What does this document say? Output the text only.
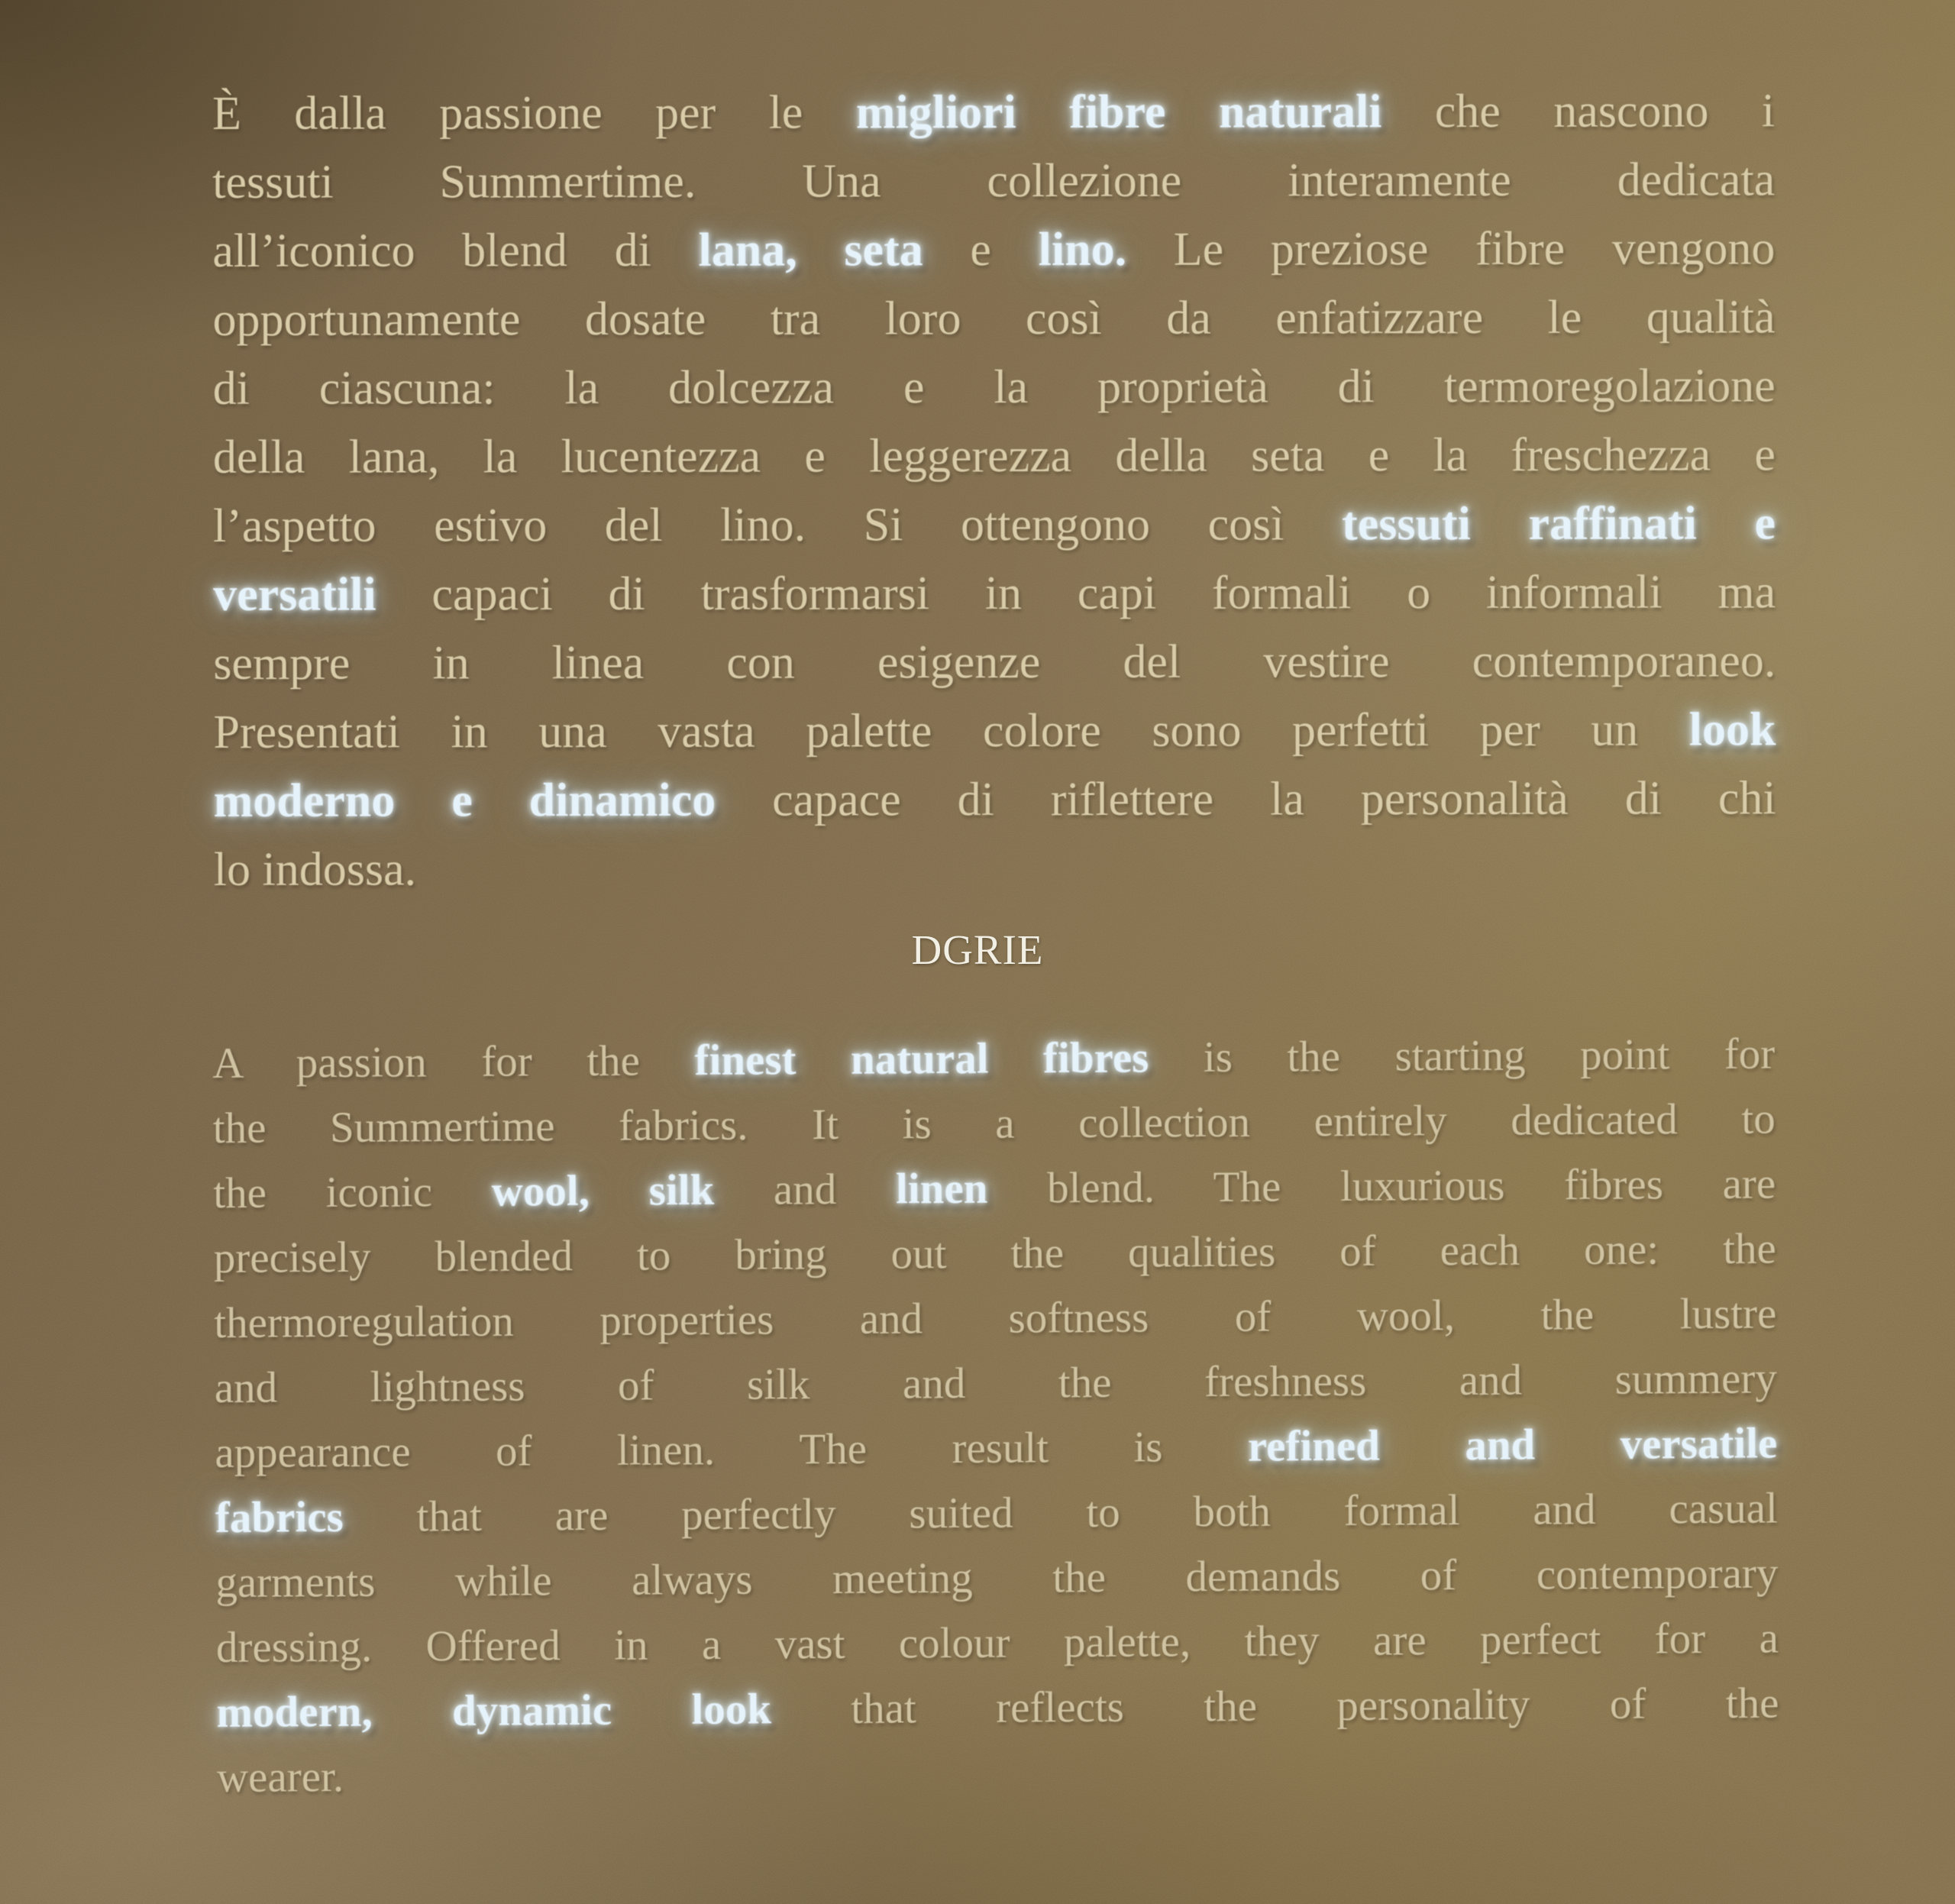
È dalla passione per le migliori fibre naturali che nascono i
tessuti Summertime. Una collezione interamente dedicata
all’iconico blend di lana, seta e lino. Le preziose fibre vengono
opportunamente dosate tra loro così da enfatizzare le qualità
di ciascuna: la dolcezza e la proprietà di termoregolazione
della lana, la lucentezza e leggerezza della seta e la freschezza e
l’aspetto estivo del lino. Si ottengono così tessuti raffinati e
versatili capaci di trasformarsi in capi formali o informali ma
sempre in linea con esigenze del vestire contemporaneo.
Presentati in una vasta palette colore sono perfetti per un look
moderno e dinamico capace di riflettere la personalità di chi
lo indossa.
DGRIE
A passion for the finest natural fibres is the starting point for
the Summertime fabrics. It is a collection entirely dedicated to
the iconic wool, silk and linen blend. The luxurious fibres are
precisely blended to bring out the qualities of each one: the
thermoregulation properties and softness of wool, the lustre
and lightness of silk and the freshness and summery
appearance of linen. The result is refined and versatile
fabrics that are perfectly suited to both formal and casual
garments while always meeting the demands of contemporary
dressing. Offered in a vast colour palette, they are perfect for a
modern, dynamic look that reflects the personality of the
wearer.
